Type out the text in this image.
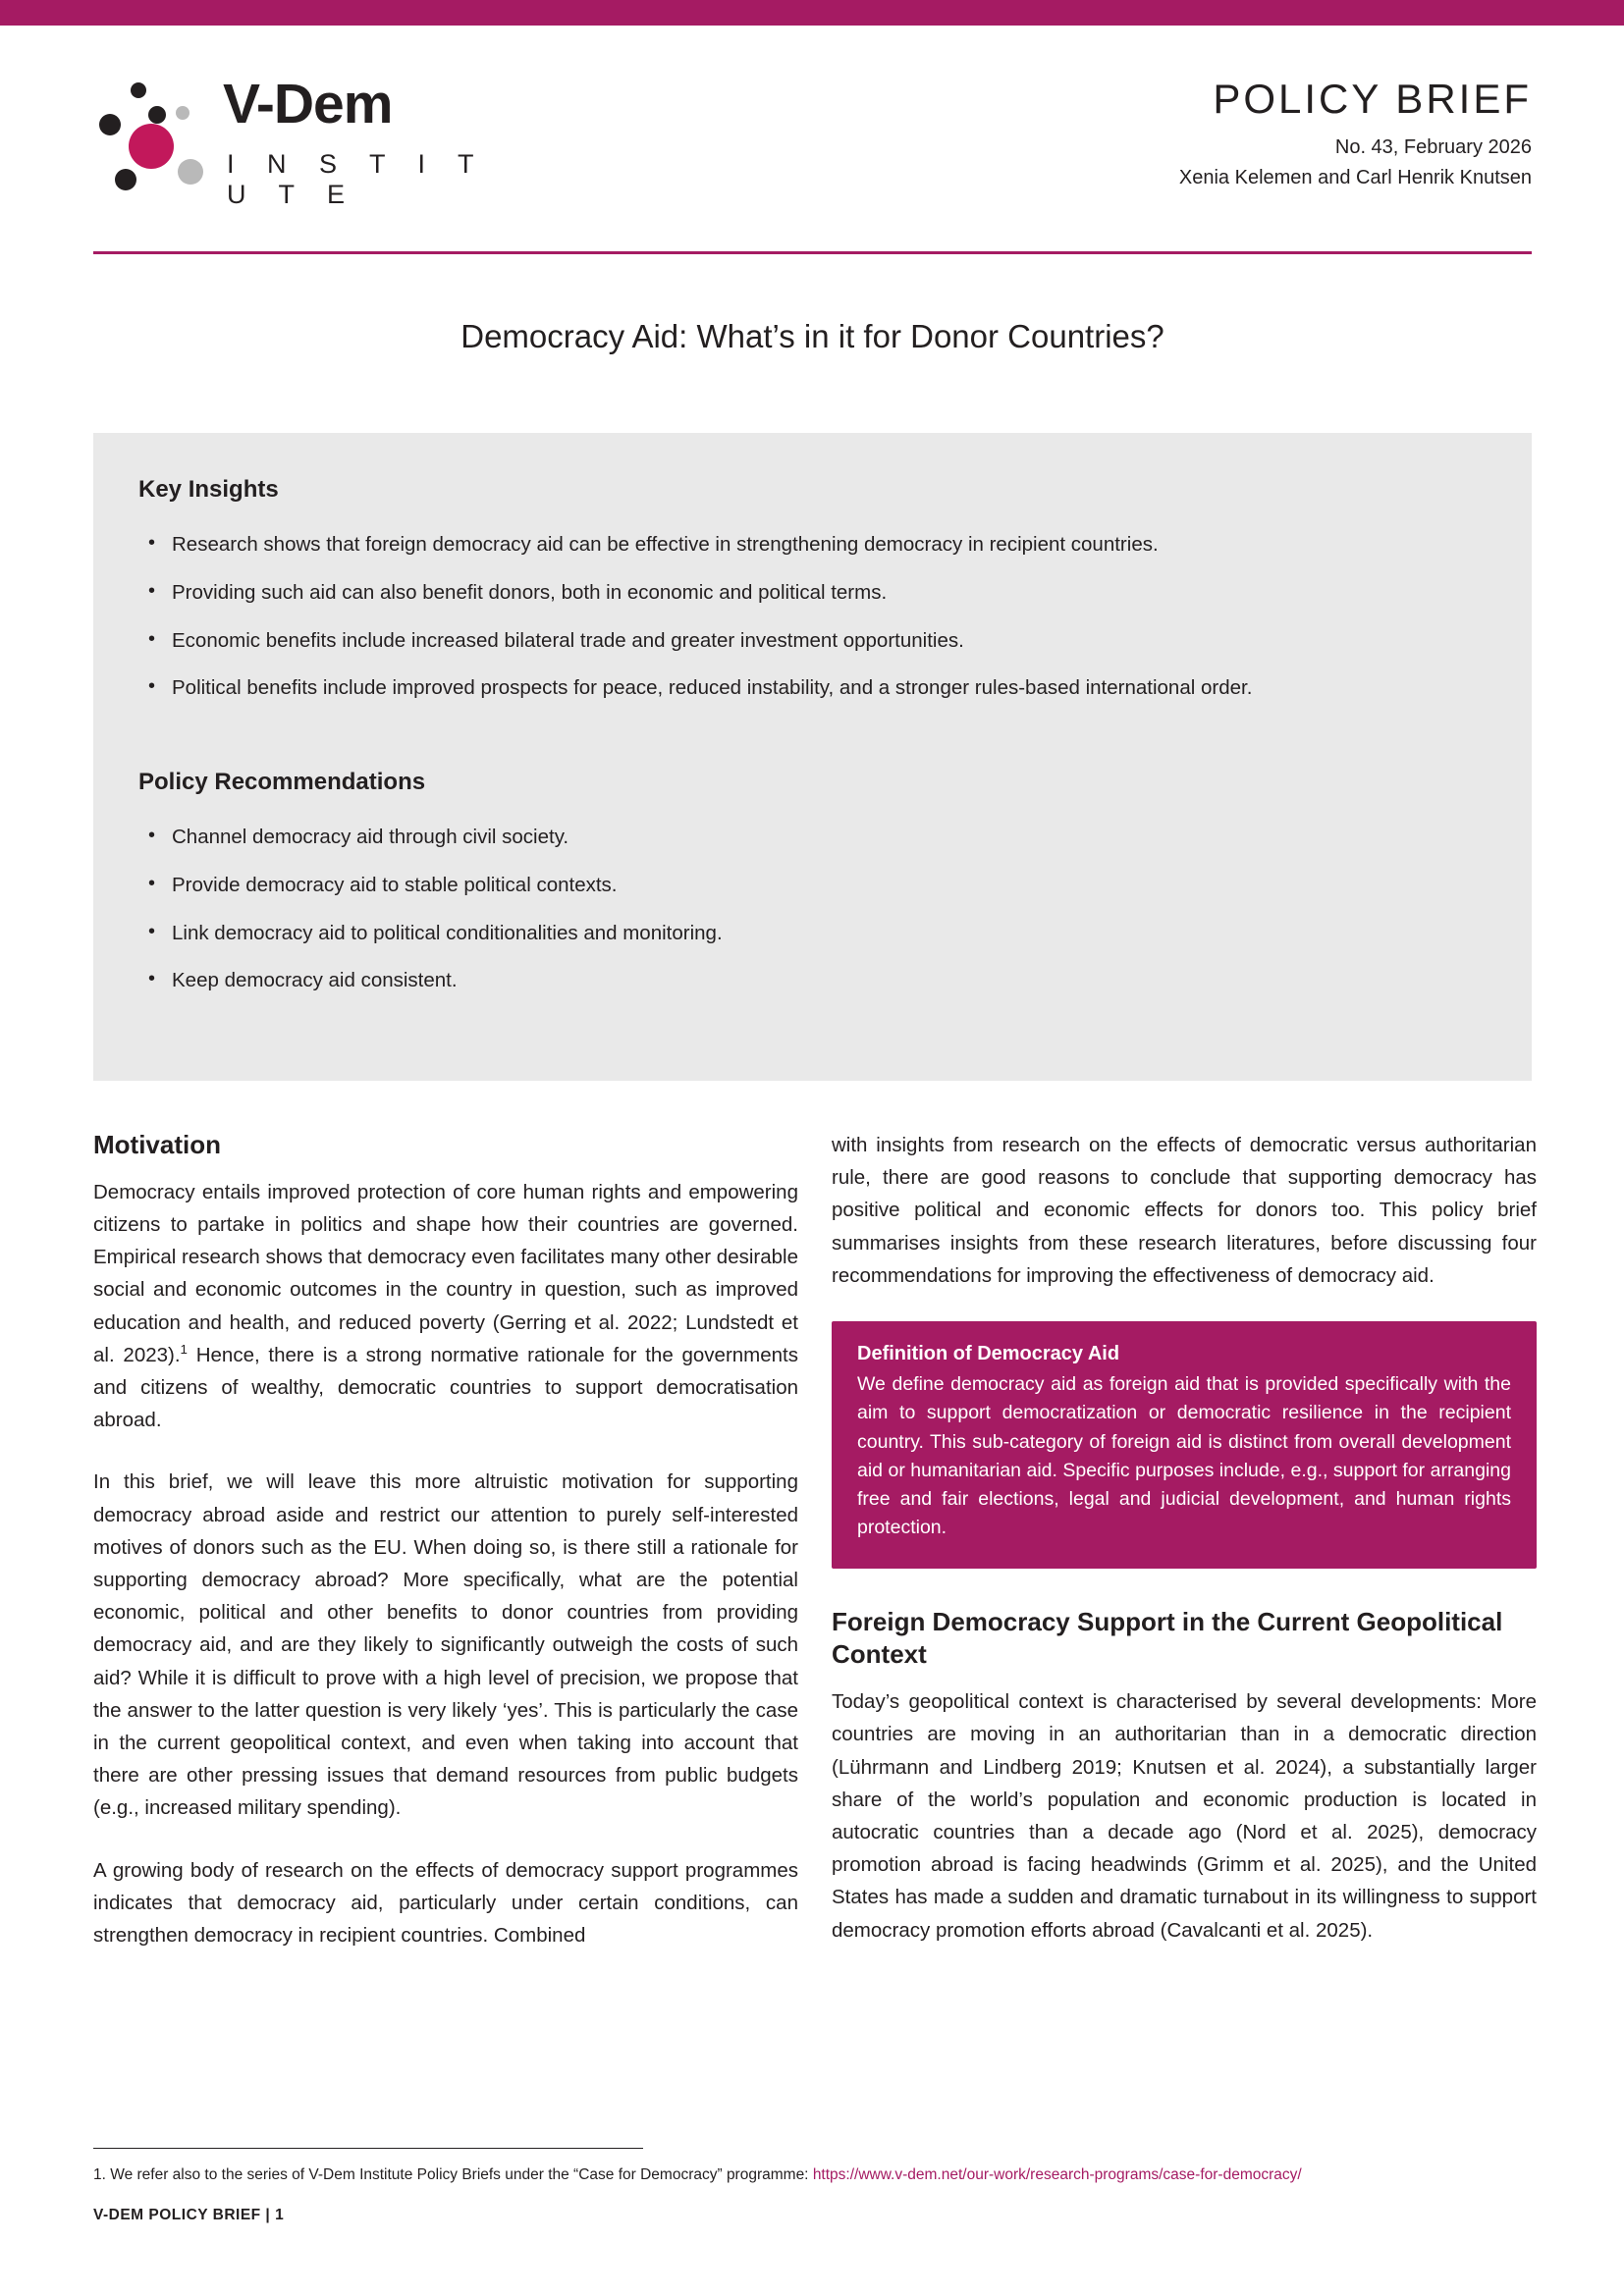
V-Dem
I N S T I T U T E
POLICY BRIEF
No. 43, February 2026
Xenia Kelemen and Carl Henrik Knutsen
Democracy Aid: What’s in it for Donor Countries?
Key Insights
• Research shows that foreign democracy aid can be effective in strengthening democracy in recipient countries.
• Providing such aid can also benefit donors, both in economic and political terms.
• Economic benefits include increased bilateral trade and greater investment opportunities.
• Political benefits include improved prospects for peace, reduced instability, and a stronger rules-based international order.
Policy Recommendations
• Channel democracy aid through civil society.
• Provide democracy aid to stable political contexts.
• Link democracy aid to political conditionalities and monitoring.
• Keep democracy aid consistent.
Motivation

Democracy entails improved protection of core human rights and empowering citizens to partake in politics and shape how their countries are governed. Empirical research shows that democracy even facilitates many other desirable social and economic outcomes in the country in question, such as improved education and health, and reduced poverty (Gerring et al. 2022; Lundstedt et al. 2023).$^1$ Hence, there is a strong normative rationale for the governments and citizens of wealthy, democratic countries to support democratisation abroad.

In this brief, we will leave this more altruistic motivation for supporting democracy abroad aside and restrict our attention to purely self-interested motives of donors such as the EU. When doing so, is there still a rationale for supporting democracy abroad? More specifically, what are the potential economic, political and other benefits to donor countries from providing democracy aid, and are they likely to significantly outweigh the costs of such aid? While it is difficult to prove with a high level of precision, we propose that the answer to the latter question is very likely ‘yes’. This is particularly the case in the current geopolitical context, and even when taking into account that there are other pressing issues that demand resources from public budgets (e.g., increased military spending).

A growing body of research on the effects of democracy support programmes indicates that democracy aid, particularly under certain conditions, can strengthen democracy in recipient countries. Combined

with insights from research on the effects of democratic versus authoritarian rule, there are good reasons to conclude that supporting democracy has positive political and economic effects for donors too. This policy brief summarises insights from these research literatures, before discussing four recommendations for improving the effectiveness of democracy aid.

Definition of Democracy Aid
We define democracy aid as foreign aid that is provided specifically with the aim to support democratization or democratic resilience in the recipient country. This sub-category of foreign aid is distinct from overall development aid or humanitarian aid. Specific purposes include, e.g., support for arranging free and fair elections, legal and judicial development, and human rights protection.
Foreign Democracy Support in the Current Geopolitical Context

Today’s geopolitical context is characterised by several developments: More countries are moving in an authoritarian than in a democratic direction (Lührmann and Lindberg 2019; Knutsen et al. 2024), a substantially larger share of the world’s population and economic production is located in autocratic countries than a decade ago (Nord et al. 2025), democracy promotion abroad is facing headwinds (Grimm et al. 2025), and the United States has made a sudden and dramatic turnabout in its willingness to support democracy promotion efforts abroad (Cavalcanti et al. 2025).

1. We refer also to the series of V-Dem Institute Policy Briefs under the “Case for Democracy” programme: https://www.v-dem.net/our-work/research-programs/case-for-democracy/
V-DEM POLICY BRIEF | 1
